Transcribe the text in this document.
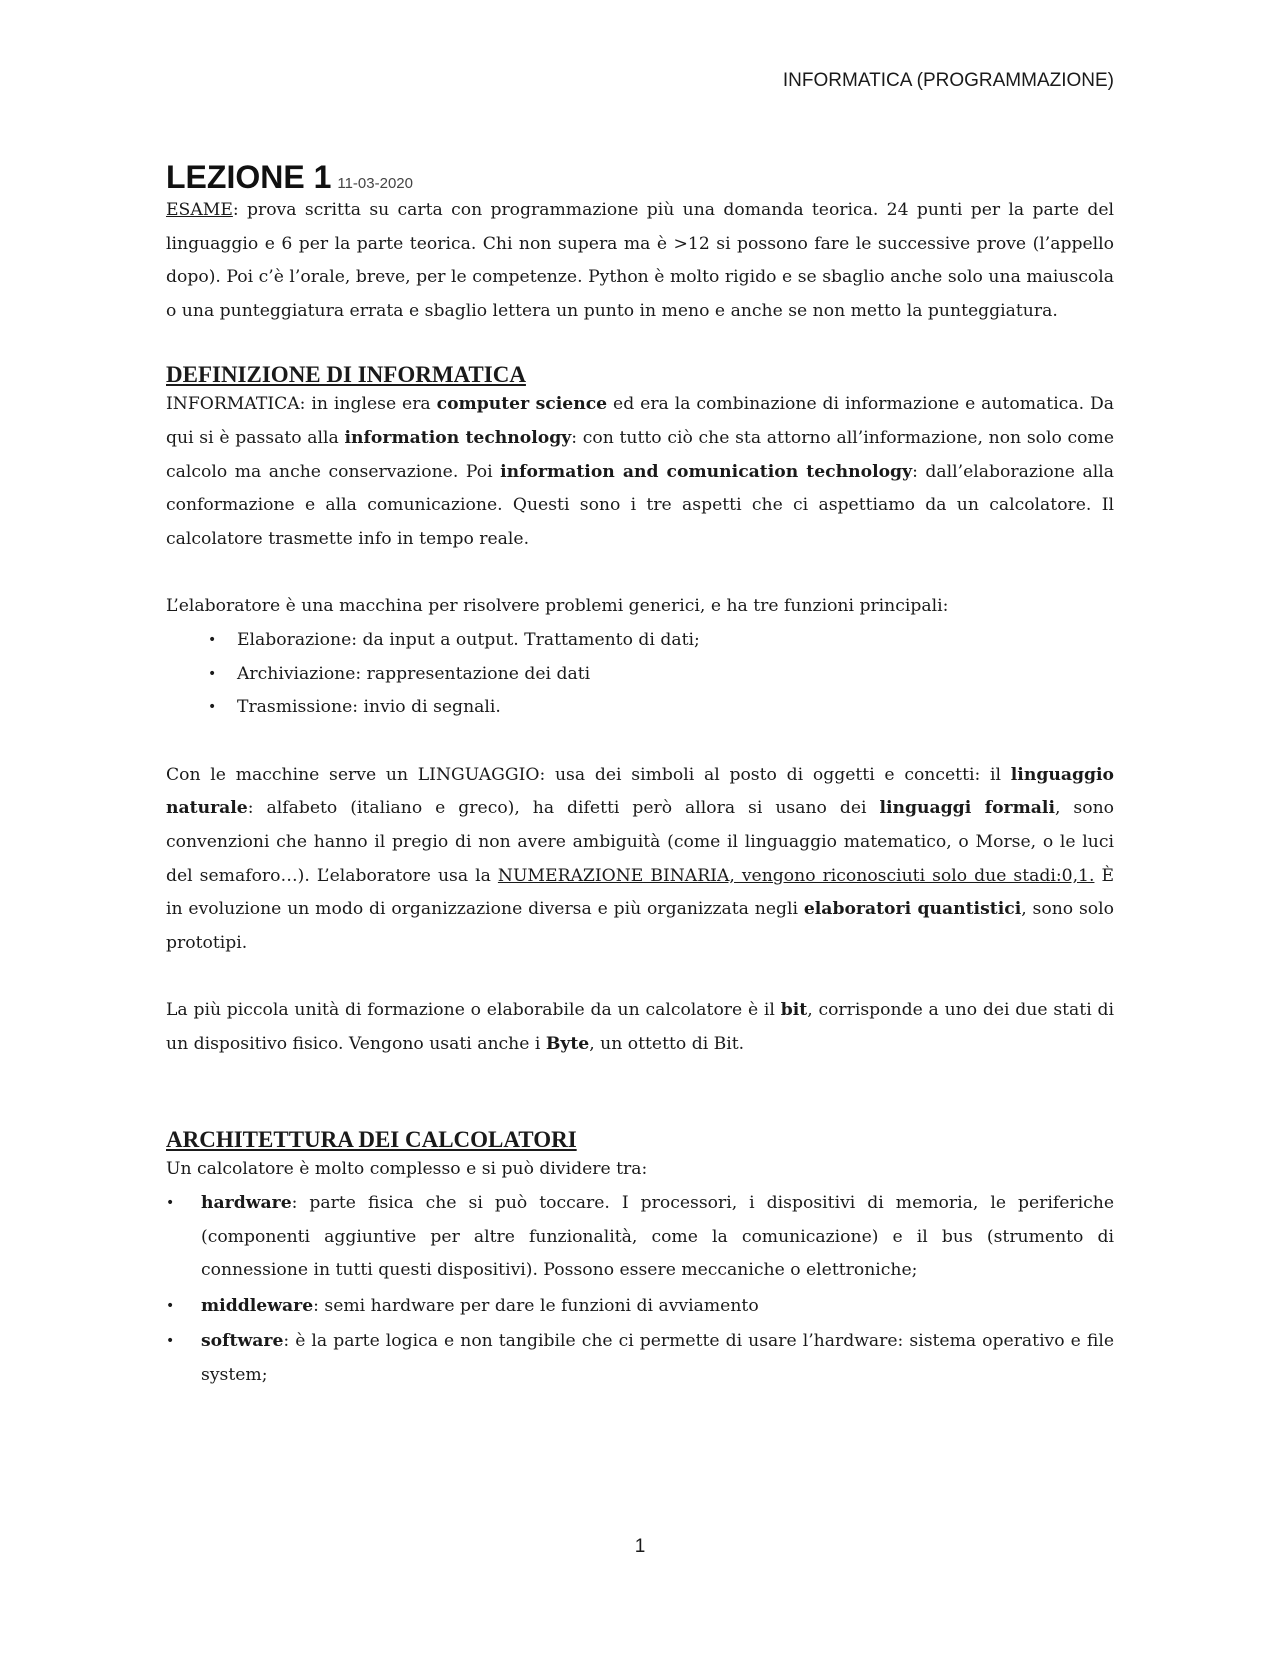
INFORMATICA (PROGRAMMAZIONE)
LEZIONE 1 11-03-2020

ESAME: prova scritta su carta con programmazione più una domanda teorica. 24 punti per la parte del linguaggio e 6 per la parte teorica. Chi non supera ma è >12 si possono fare le successive prove (l’appello dopo). Poi c’è l’orale, breve, per le competenze. Python è molto rigido e se sbaglio anche solo una maiuscola o una punteggiatura errata e sbaglio lettera un punto in meno e anche se non metto la punteggiatura.

DEFINIZIONE DI INFORMATICA

INFORMATICA: in inglese era computer science ed era la combinazione di informazione e automatica. Da qui si è passato alla information technology: con tutto ciò che sta attorno all’informazione, non solo come calcolo ma anche conservazione. Poi information and comunication technology: dall’elaborazione alla conformazione e alla comunicazione. Questi sono i tre aspetti che ci aspettiamo da un calcolatore. Il calcolatore trasmette info in tempo reale.

L’elaboratore è una macchina per risolvere problemi generici, e ha tre funzioni principali:

• Elaborazione: da input a output. Trattamento di dati;
• Archiviazione: rappresentazione dei dati
• Trasmissione: invio di segnali.

Con le macchine serve un LINGUAGGIO: usa dei simboli al posto di oggetti e concetti: il linguaggio naturale: alfabeto (italiano e greco), ha difetti però allora si usano dei linguaggi formali, sono convenzioni che hanno il pregio di non avere ambiguità (come il linguaggio matematico, o Morse, o le luci del semaforo…). L’elaboratore usa la NUMERAZIONE BINARIA, vengono riconosciuti solo due stadi:0,1. È in evoluzione un modo di organizzazione diversa e più organizzata negli elaboratori quantistici, sono solo prototipi.

La più piccola unità di formazione o elaborabile da un calcolatore è il bit, corrisponde a uno dei due stati di un dispositivo fisico. Vengono usati anche i Byte, un ottetto di Bit.

ARCHITETTURA DEI CALCOLATORI

Un calcolatore è molto complesso e si può dividere tra:

• hardware: parte fisica che si può toccare. I processori, i dispositivi di memoria, le periferiche (componenti aggiuntive per altre funzionalità, come la comunicazione) e il bus (strumento di connessione in tutti questi dispositivi). Possono essere meccaniche o elettroniche;
• middleware: semi hardware per dare le funzioni di avviamento
• software: è la parte logica e non tangibile che ci permette di usare l’hardware: sistema operativo e file system;
1
